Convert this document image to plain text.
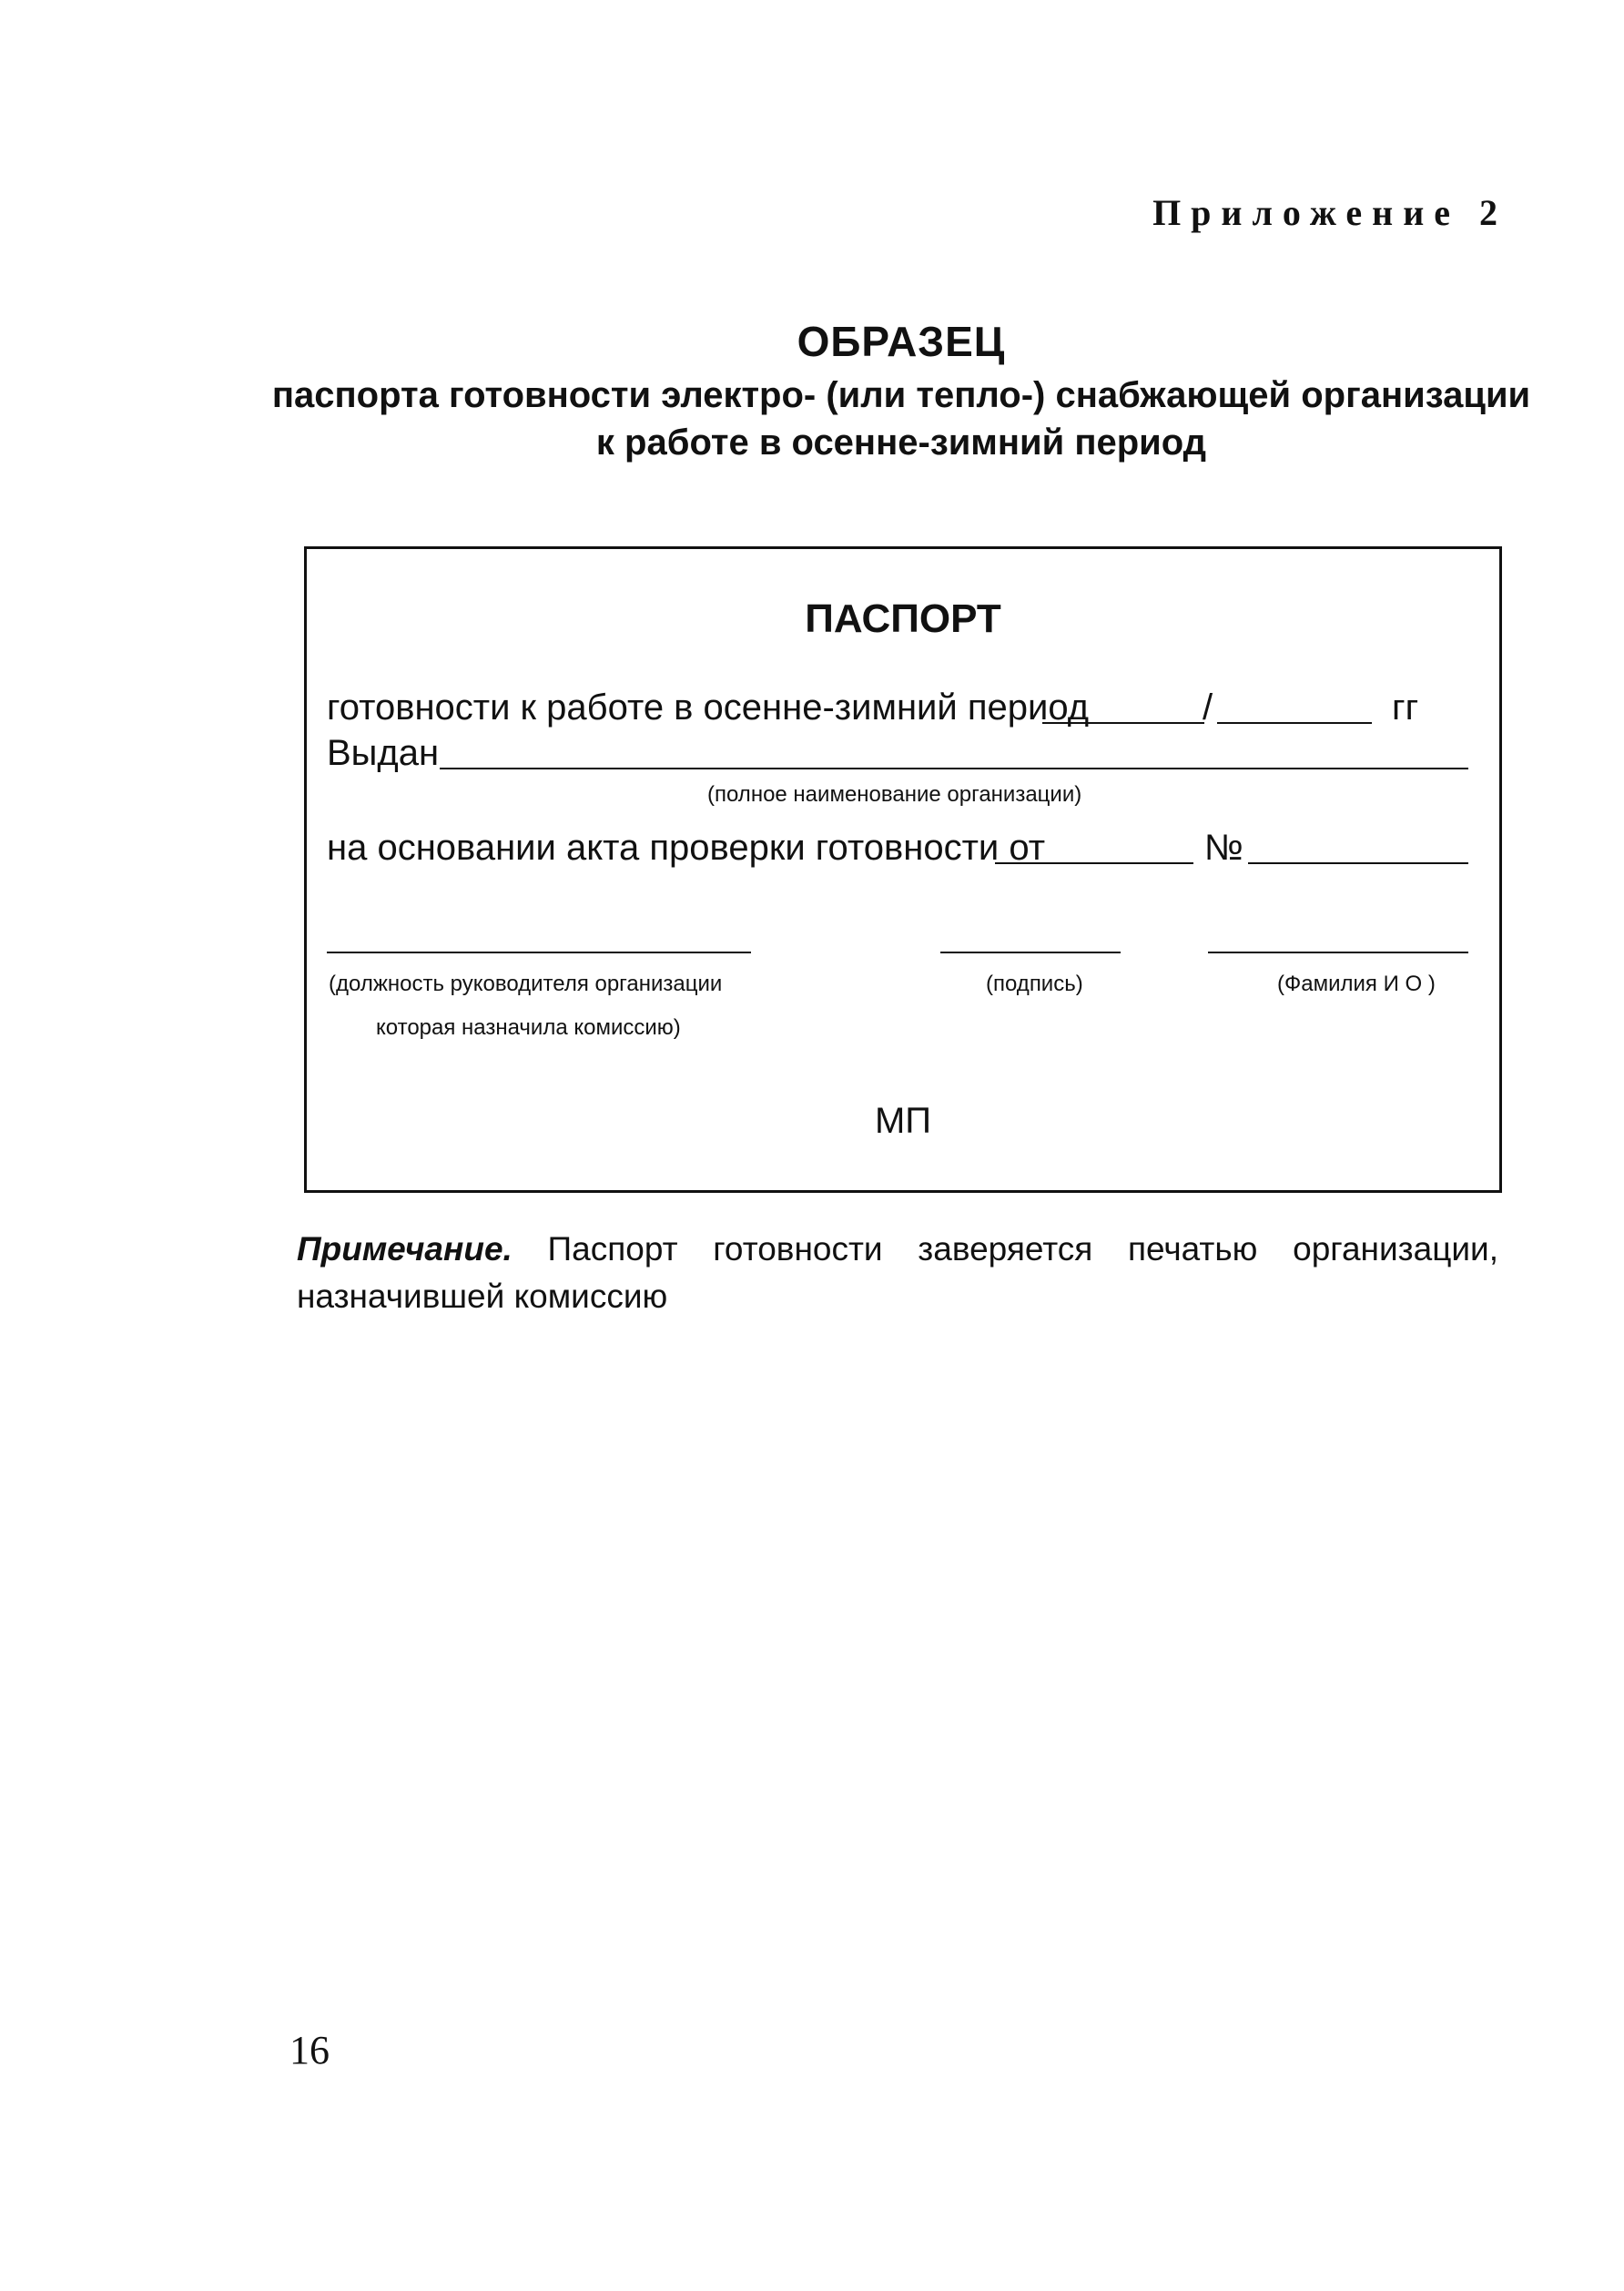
Приложение 2
ОБРАЗЕЦ
паспорта готовности электро- (или тепло-) снабжающей организации
к работе в осенне-зимний период
ПАСПОРТ
готовности к работе в осенне-зимний период	/	гг
Выдан
(полное наименование организации)
на основании акта проверки готовности от	№
(должность руководителя организации
которая назначила комиссию)
(подпись)	(Фамилия И О )
МП
Примечание. Паспорт готовности заверяется печатью организации, назначившей комиссию
16
